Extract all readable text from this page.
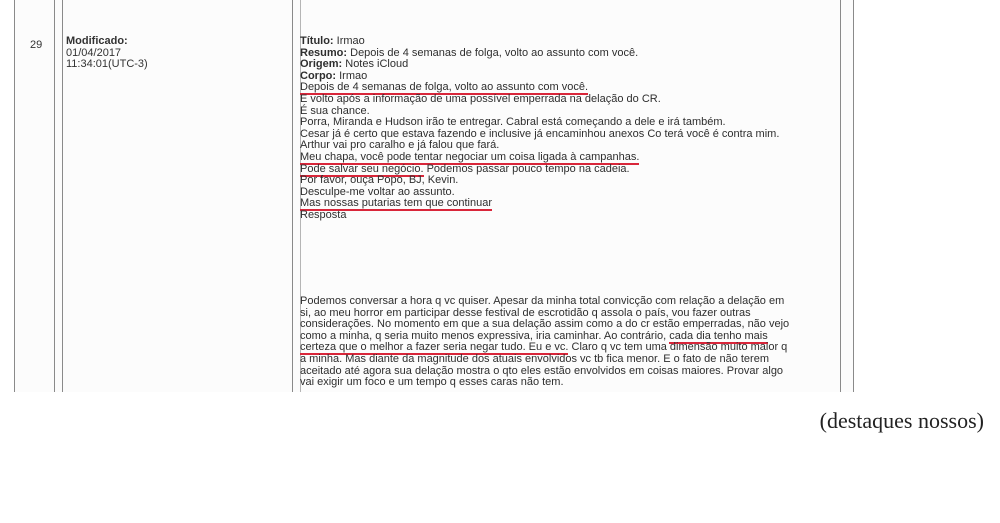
29 Modificado:
01/04/2017
11:34:01(UTC-3)
Título: Irmao
Resumo: Depois de 4 semanas de folga, volto ao assunto com você.
Origem: Notes iCloud
Corpo: Irmao
Depois de 4 semanas de folga, volto ao assunto com você.
E volto após a informação de uma possível emperrada na delação do CR.
É sua chance.
Porra, Miranda e Hudson irão te entregar. Cabral está começando a dele e irá também.
Cesar já é certo que estava fazendo e inclusive já encaminhou anexos Co terá você é contra mim.
Arthur vai pro caralho e já falou que fará.
Meu chapa, você pode tentar negociar um coisa ligada à campanhas.
Pode salvar seu negócio. Podemos passar pouco tempo na cadeia.
Por favor, ouça Popo, BJ, Kevin.
Desculpe-me voltar ao assunto.
Mas nossas putarias tem que continuar
Resposta
Podemos conversar a hora q vc quiser. Apesar da minha total convicção com relação a delação em
si, ao meu horror em participar desse festival de escrotidão q assola o país, vou fazer outras
considerações. No momento em que a sua delação assim como a do cr estão emperradas, não vejo
como a minha, q seria muito menos expressiva, iria caminhar. Ao contrário, cada dia tenho mais
certeza que o melhor a fazer seria negar tudo. Eu e vc. Claro q vc tem uma dimensão muito maior q
a minha. Mas diante da magnitude dos atuais envolvidos vc tb fica menor. E o fato de não terem
aceitado até agora sua delação mostra o qto eles estão envolvidos em coisas maiores. Provar algo
vai exigir um foco e um tempo q esses caras não tem.
(destaques nossos)
